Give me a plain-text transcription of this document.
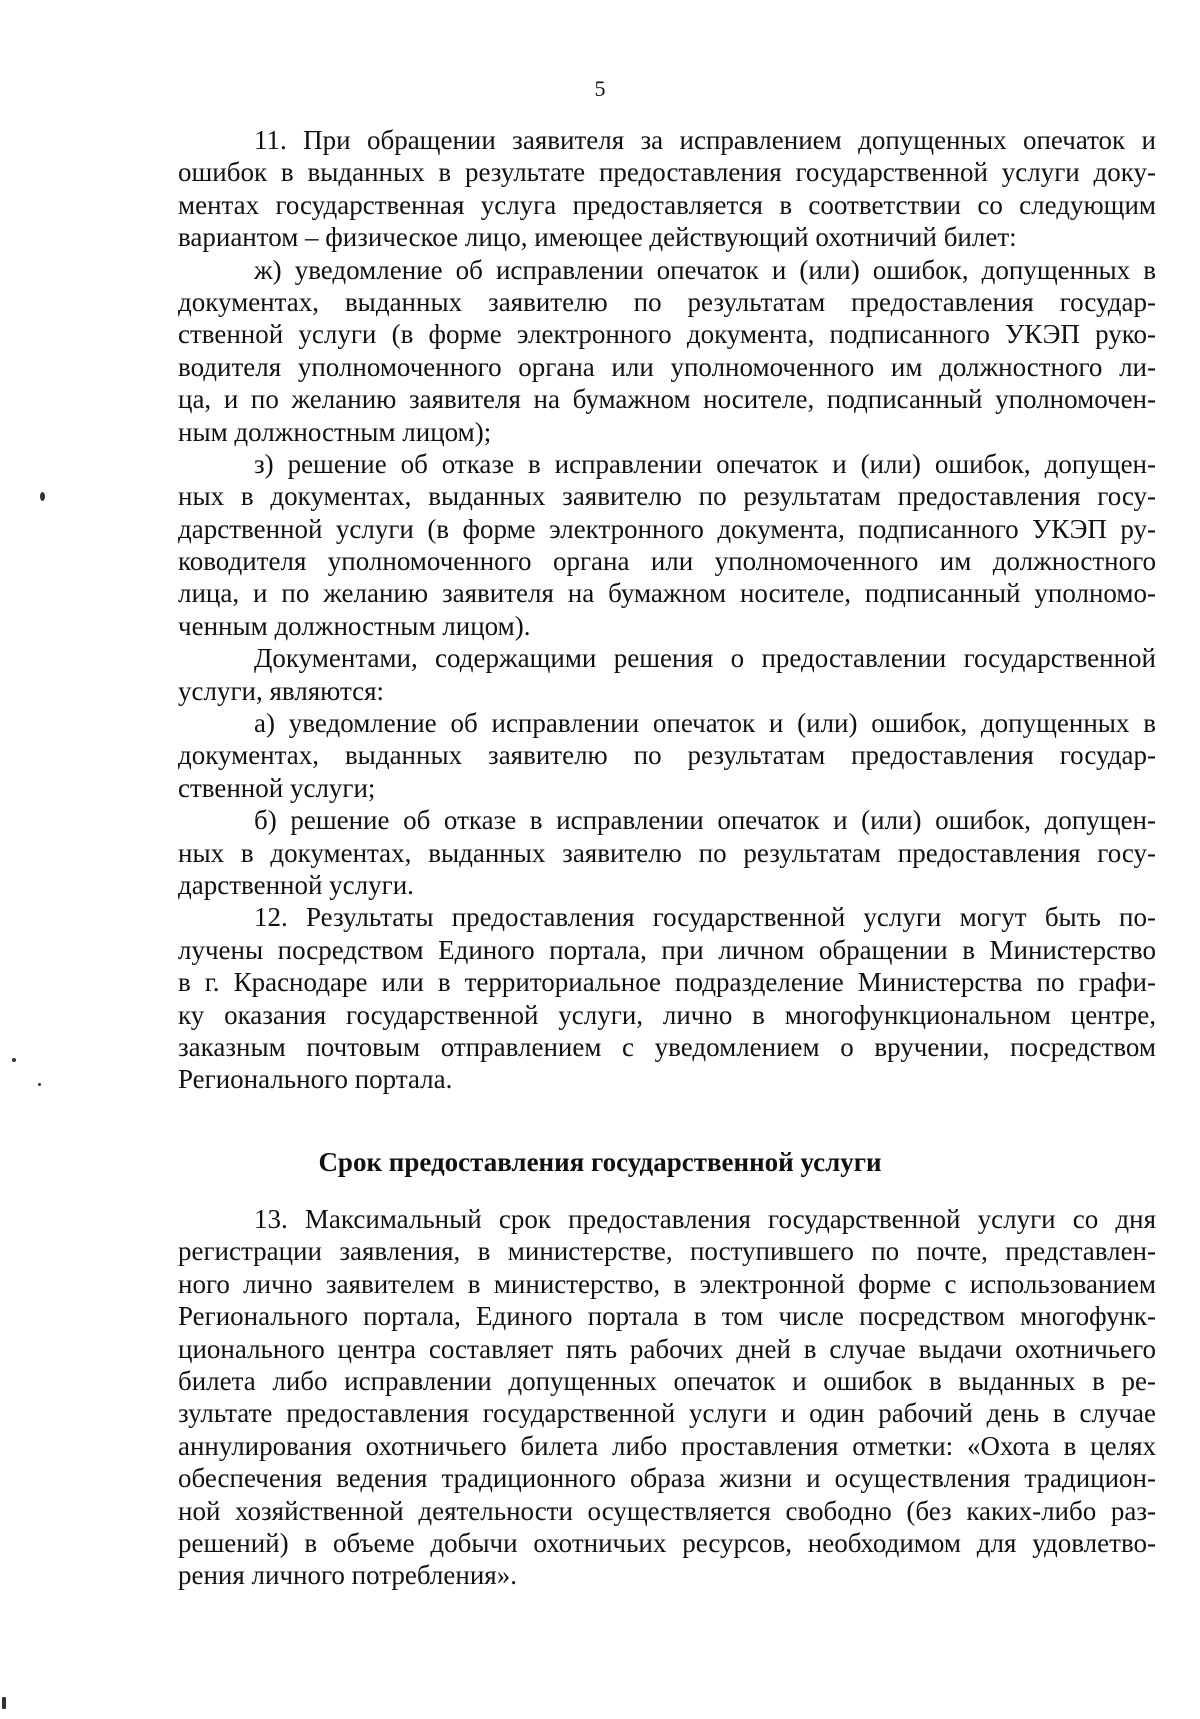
5
11. При обращении заявителя за исправлением допущенных опечаток и
ошибок в выданных в результате предоставления государственной услуги доку-
ментах государственная услуга предоставляется в соответствии со следующим
вариантом – физическое лицо, имеющее действующий охотничий билет:
ж) уведомление об исправлении опечаток и (или) ошибок, допущенных в
документах, выданных заявителю по результатам предоставления государ-
ственной услуги (в форме электронного документа, подписанного УКЭП руко-
водителя уполномоченного органа или уполномоченного им должностного ли-
ца, и по желанию заявителя на бумажном носителе, подписанный уполномочен-
ным должностным лицом);
з) решение об отказе в исправлении опечаток и (или) ошибок, допущен-
ных в документах, выданных заявителю по результатам предоставления госу-
дарственной услуги (в форме электронного документа, подписанного УКЭП ру-
ководителя уполномоченного органа или уполномоченного им должностного
лица, и по желанию заявителя на бумажном носителе, подписанный уполномо-
ченным должностным лицом).
Документами, содержащими решения о предоставлении государственной
услуги, являются:
а) уведомление об исправлении опечаток и (или) ошибок, допущенных в
документах, выданных заявителю по результатам предоставления государ-
ственной услуги;
б) решение об отказе в исправлении опечаток и (или) ошибок, допущен-
ных в документах, выданных заявителю по результатам предоставления госу-
дарственной услуги.
12. Результаты предоставления государственной услуги могут быть по-
лучены посредством Единого портала, при личном обращении в Министерство
в г. Краснодаре или в территориальное подразделение Министерства по графи-
ку оказания государственной услуги, лично в многофункциональном центре,
заказным почтовым отправлением с уведомлением о вручении, посредством
Регионального портала.
Срок предоставления государственной услуги
13. Максимальный срок предоставления государственной услуги со дня
регистрации заявления, в министерстве, поступившего по почте, представлен-
ного лично заявителем в министерство, в электронной форме с использованием
Регионального портала, Единого портала в том числе посредством многофунк-
ционального центра составляет пять рабочих дней в случае выдачи охотничьего
билета либо исправлении допущенных опечаток и ошибок в выданных в ре-
зультате предоставления государственной услуги и один рабочий день в случае
аннулирования охотничьего билета либо проставления отметки: «Охота в целях
обеспечения ведения традиционного образа жизни и осуществления традицион-
ной хозяйственной деятельности осуществляется свободно (без каких-либо раз-
решений) в объеме добычи охотничьих ресурсов, необходимом для удовлетво-
рения личного потребления».
